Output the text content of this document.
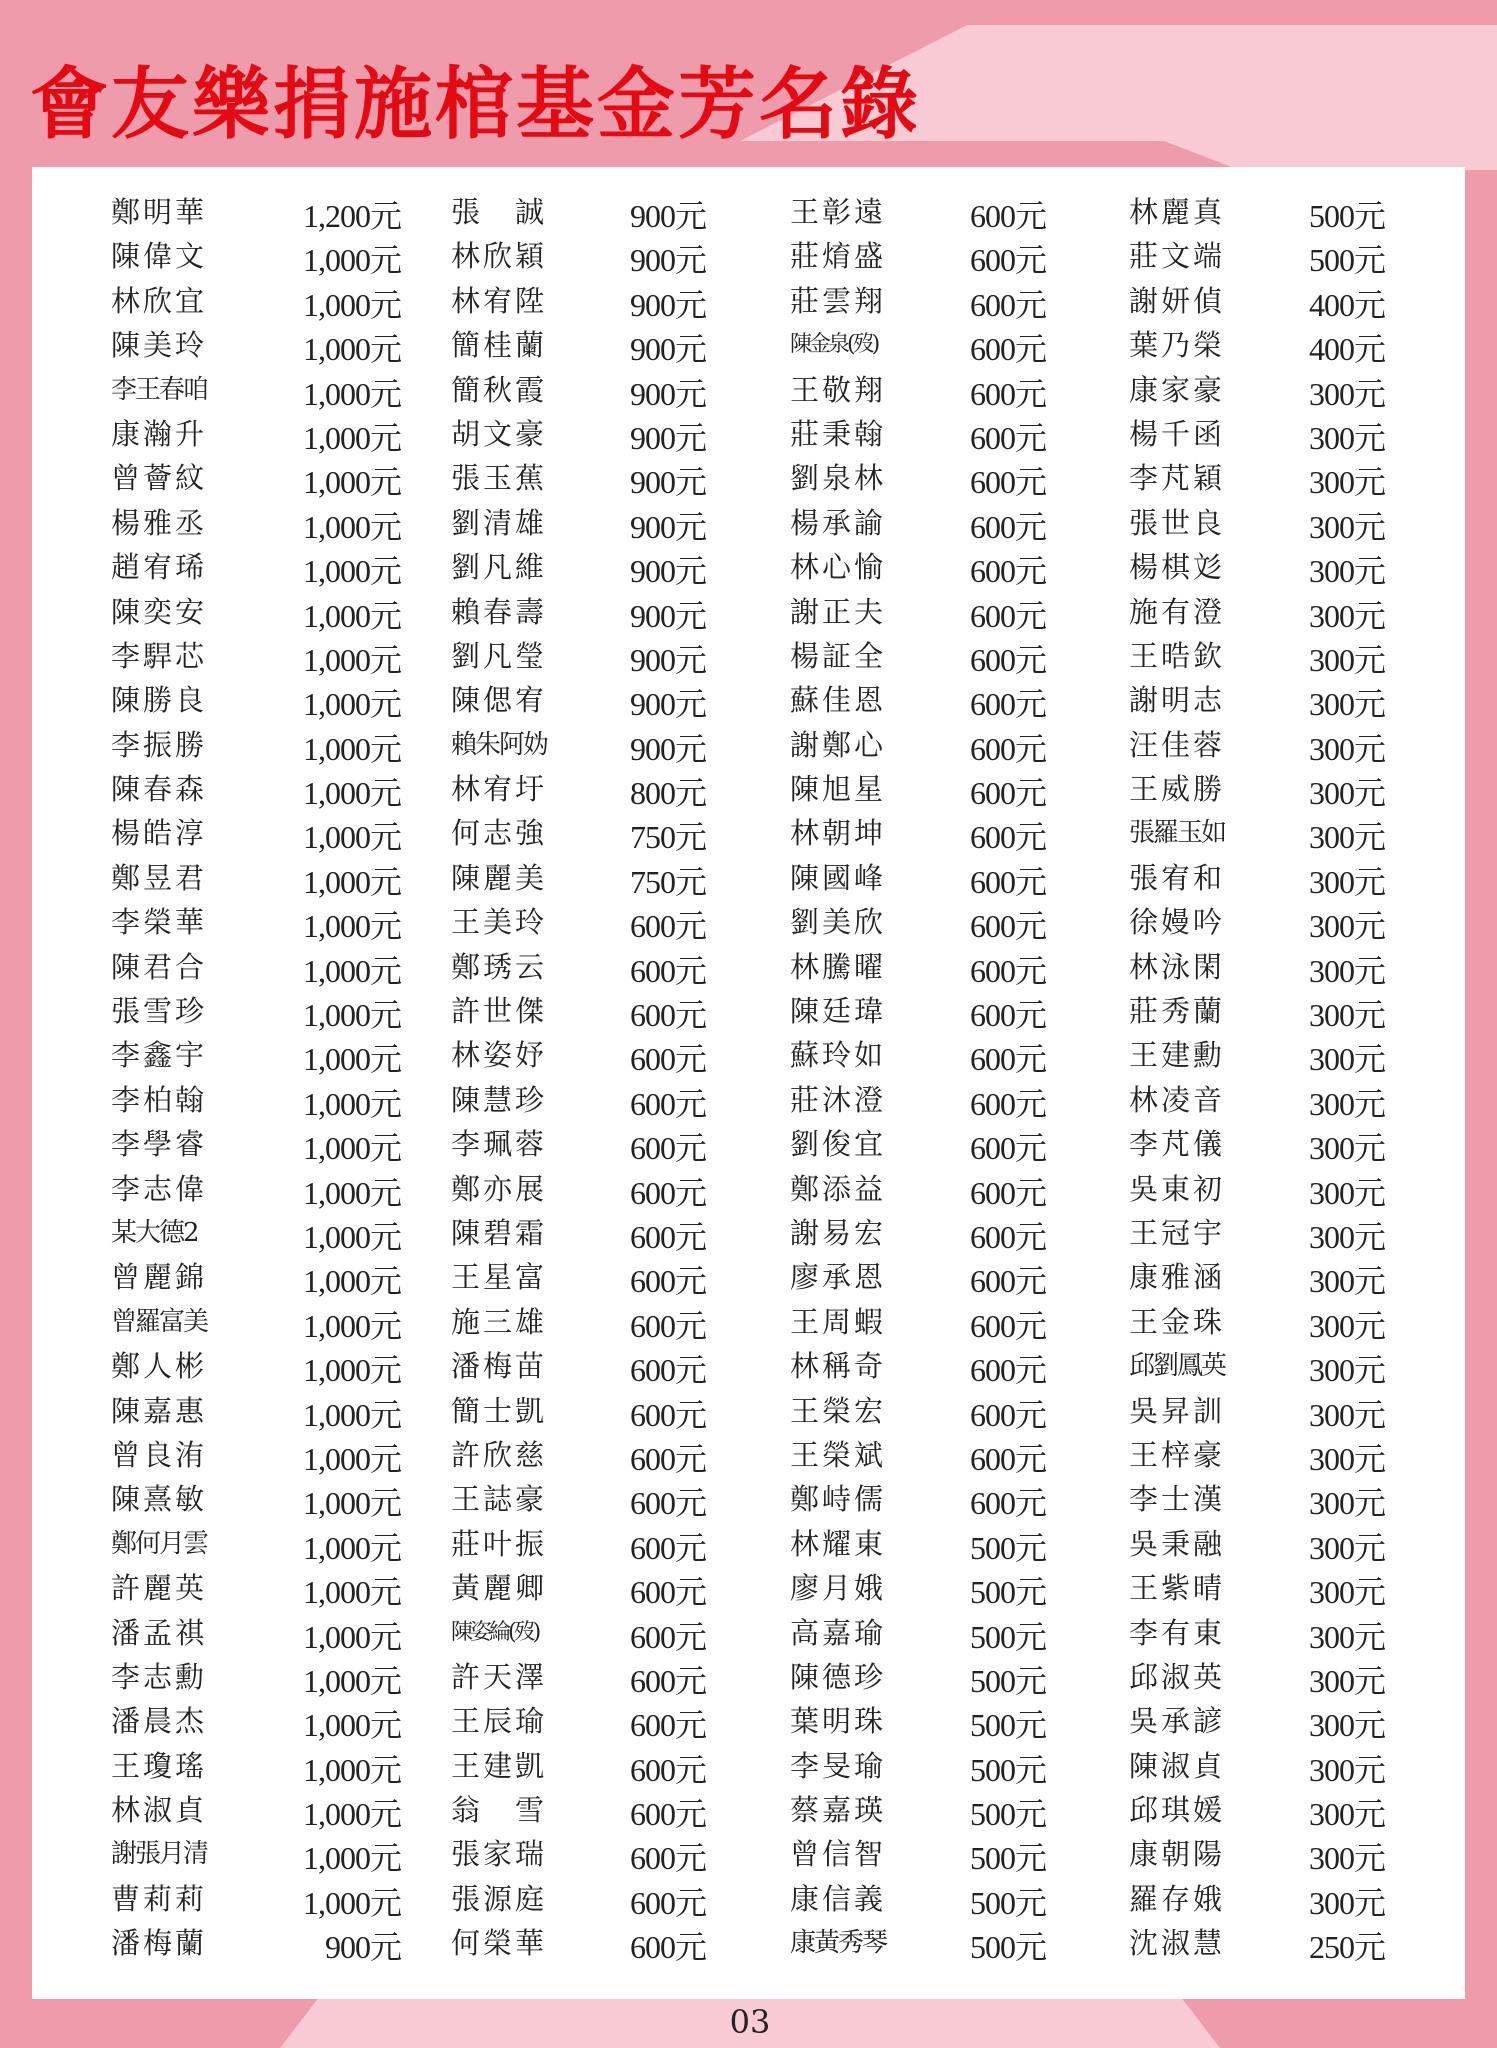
會友樂捐施棺基金芳名錄
鄭明華	1,200元
陳偉文	1,000元
林欣宜	1,000元
陳美玲	1,000元
李王春咱	1,000元
康瀚升	1,000元
曾薈紋	1,000元
楊雅丞	1,000元
趙宥琋	1,000元
陳奕安	1,000元
李駻芯	1,000元
陳勝良	1,000元
李振勝	1,000元
陳春森	1,000元
楊皓淳	1,000元
鄭昱君	1,000元
李榮華	1,000元
陳君合	1,000元
張雪珍	1,000元
李鑫宇	1,000元
李柏翰	1,000元
李學睿	1,000元
李志偉	1,000元
某大德2	1,000元
曾麗錦	1,000元
曾羅富美	1,000元
鄭人彬	1,000元
陳嘉惠	1,000元
曾良洧	1,000元
陳熹敏	1,000元
鄭何月雲	1,000元
許麗英	1,000元
潘孟祺	1,000元
李志勳	1,000元
潘晨杰	1,000元
王瓊瑤	1,000元
林淑貞	1,000元
謝張月清	1,000元
曹莉莉	1,000元
潘梅蘭	900元
張　誠	900元
林欣穎	900元
林宥陞	900元
簡桂蘭	900元
簡秋霞	900元
胡文豪	900元
張玉蕉	900元
劉清雄	900元
劉凡維	900元
賴春壽	900元
劉凡瑩	900元
陳偲宥	900元
賴朱阿妫	900元
林宥圩	800元
何志強	750元
陳麗美	750元
王美玲	600元
鄭琇云	600元
許世傑	600元
林姿妤	600元
陳慧珍	600元
李珮蓉	600元
鄭亦展	600元
陳碧霜	600元
王星富	600元
施三雄	600元
潘梅苗	600元
簡士凱	600元
許欣慈	600元
王誌豪	600元
莊叶振	600元
黃麗卿	600元
陳姿綸(歿)	600元
許天澤	600元
王辰瑜	600元
王建凱	600元
翁　雪	600元
張家瑞	600元
張源庭	600元
何榮華	600元
王彰遠	600元
莊焴盛	600元
莊雲翔	600元
陳金泉(歿)	600元
王敬翔	600元
莊秉翰	600元
劉泉林	600元
楊承諭	600元
林心愉	600元
謝正夫	600元
楊証全	600元
蘇佳恩	600元
謝鄭心	600元
陳旭星	600元
林朝坤	600元
陳國峰	600元
劉美欣	600元
林騰曜	600元
陳廷瑋	600元
蘇玲如	600元
莊沐澄	600元
劉俊宜	600元
鄭添益	600元
謝易宏	600元
廖承恩	600元
王周蝦	600元
林稱奇	600元
王榮宏	600元
王榮斌	600元
鄭峙儒	600元
林耀東	500元
廖月娥	500元
高嘉瑜	500元
陳德珍	500元
葉明珠	500元
李旻瑜	500元
蔡嘉瑛	500元
曾信智	500元
康信義	500元
康黃秀琴	500元
林麗真	500元
莊文端	500元
謝妍偵	400元
葉乃榮	400元
康家豪	300元
楊千函	300元
李芃穎	300元
張世良	300元
楊棋彣	300元
施有澄	300元
王晧欽	300元
謝明志	300元
汪佳蓉	300元
王威勝	300元
張羅玉如	300元
張宥和	300元
徐嫚吟	300元
林泳閑	300元
莊秀蘭	300元
王建勳	300元
林凌音	300元
李芃儀	300元
吳東初	300元
王冠宇	300元
康雅涵	300元
王金珠	300元
邱劉鳳英	300元
吳昇訓	300元
王梓豪	300元
李士漢	300元
吳秉融	300元
王紫晴	300元
李有東	300元
邱淑英	300元
吳承諺	300元
陳淑貞	300元
邱琪媛	300元
康朝陽	300元
羅存娥	300元
沈淑慧	250元
03
